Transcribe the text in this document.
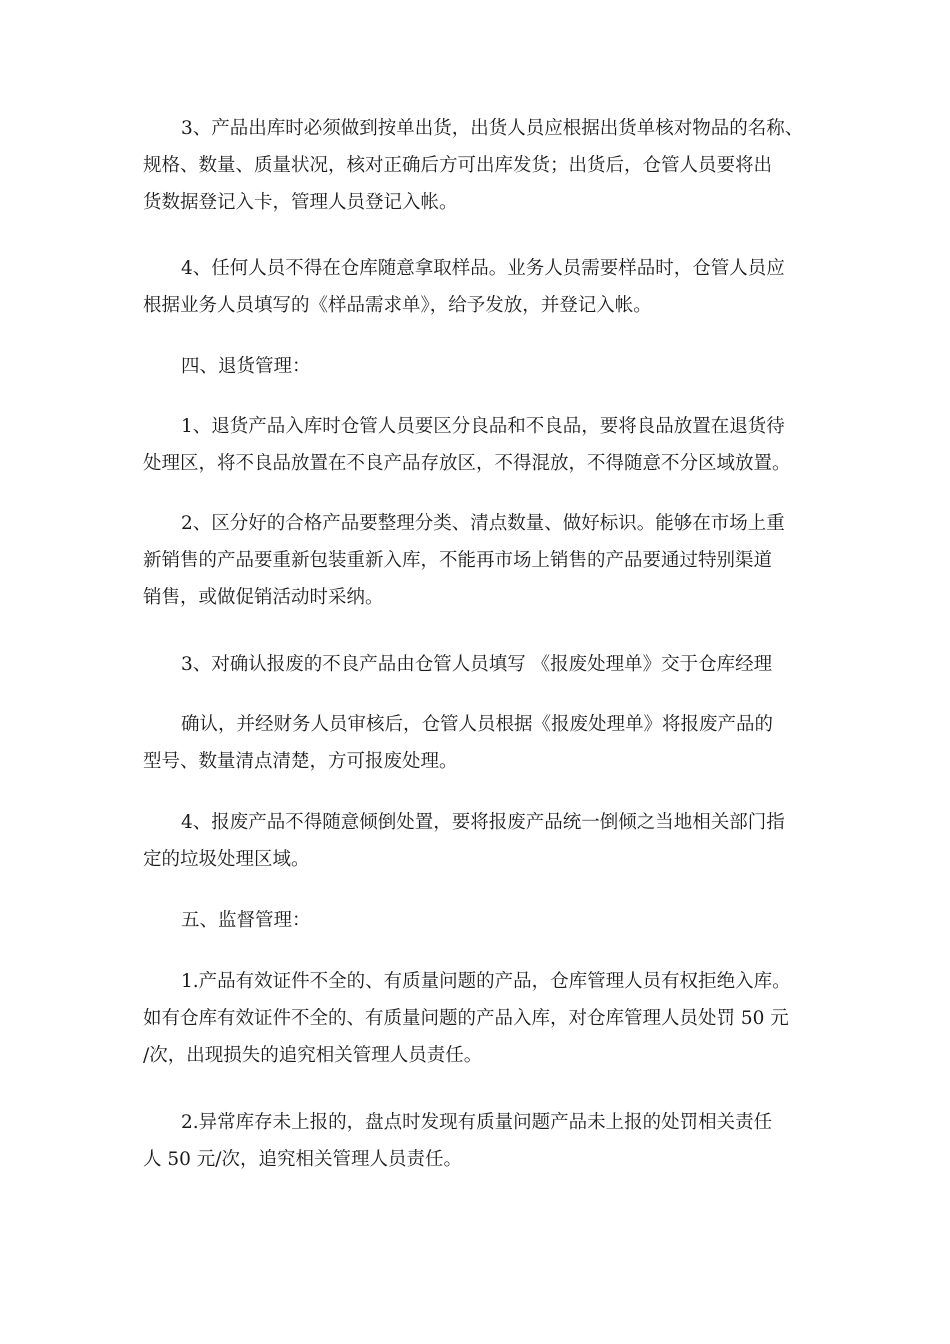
3、产品出库时必须做到按单出货，出货人员应根据出货单核对物品的名称、
规格、数量、质量状况，核对正确后方可出库发货；出货后，仓管人员要将出
货数据登记入卡，管理人员登记入帐。

4、任何人员不得在仓库随意拿取样品。业务人员需要样品时，仓管人员应
根据业务人员填写的《样品需求单》，给予发放，并登记入帐。

四、退货管理：

1、退货产品入库时仓管人员要区分良品和不良品，要将良品放置在退货待
处理区，将不良品放置在不良产品存放区，不得混放，不得随意不分区域放置。

2、区分好的合格产品要整理分类、清点数量、做好标识。能够在市场上重
新销售的产品要重新包装重新入库，不能再市场上销售的产品要通过特别渠道
销售，或做促销活动时采纳。

3、对确认报废的不良产品由仓管人员填写 《报废处理单》交于仓库经理

确认，并经财务人员审核后，仓管人员根据《报废处理单》将报废产品的
型号、数量清点清楚，方可报废处理。

4、报废产品不得随意倾倒处置，要将报废产品统一倒倾之当地相关部门指
定的垃圾处理区域。

五、监督管理：

1.产品有效证件不全的、有质量问题的产品，仓库管理人员有权拒绝入库。
如有仓库有效证件不全的、有质量问题的产品入库，对仓库管理人员处罚 50 元
/次，出现损失的追究相关管理人员责任。

2.异常库存未上报的，盘点时发现有质量问题产品未上报的处罚相关责任
人 50 元/次，追究相关管理人员责任。
